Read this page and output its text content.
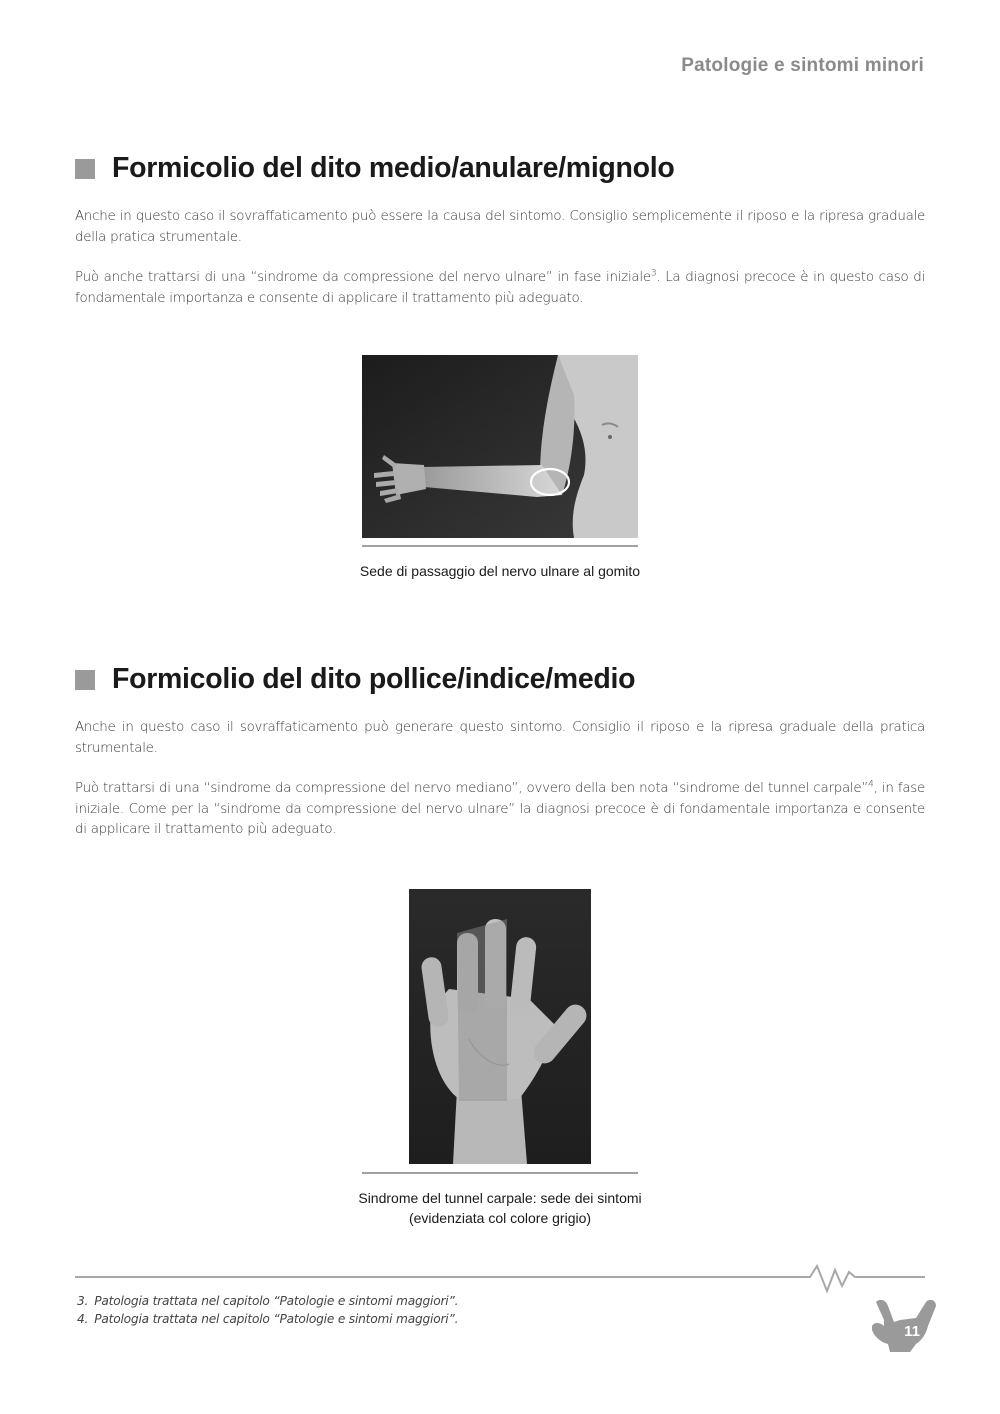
Patologie e sintomi minori
Formicolio del dito medio/anulare/mignolo

Anche in questo caso il sovraffaticamento può essere la causa del sintomo. Consiglio semplicemente il riposo e la ripresa graduale della pratica strumentale.

Può anche trattarsi di una “sindrome da compressione del nervo ulnare” in fase iniziale$^3$. La diagnosi precoce è in questo caso di fondamentale importanza e consente di applicare il trattamento più adeguato.

Sede di passaggio del nervo ulnare al gomito
Formicolio del dito pollice/indice/medio

Anche in questo caso il sovraffaticamento può generare questo sintomo. Consiglio il riposo e la ripresa graduale della pratica strumentale.

Può trattarsi di una “sindrome da compressione del nervo mediano”, ovvero della ben nota “sindrome del tunnel carpale”$^4$, in fase iniziale. Come per la “sindrome da compressione del nervo ulnare” la diagnosi precoce è di fondamentale importanza e consente di applicare il trattamento più adeguato.

Sindrome del tunnel carpale: sede dei sintomi
(evidenziata col colore grigio)
3. Patologia trattata nel capitolo “Patologie e sintomi maggiori”.
4. Patologia trattata nel capitolo “Patologie e sintomi maggiori”.
11
